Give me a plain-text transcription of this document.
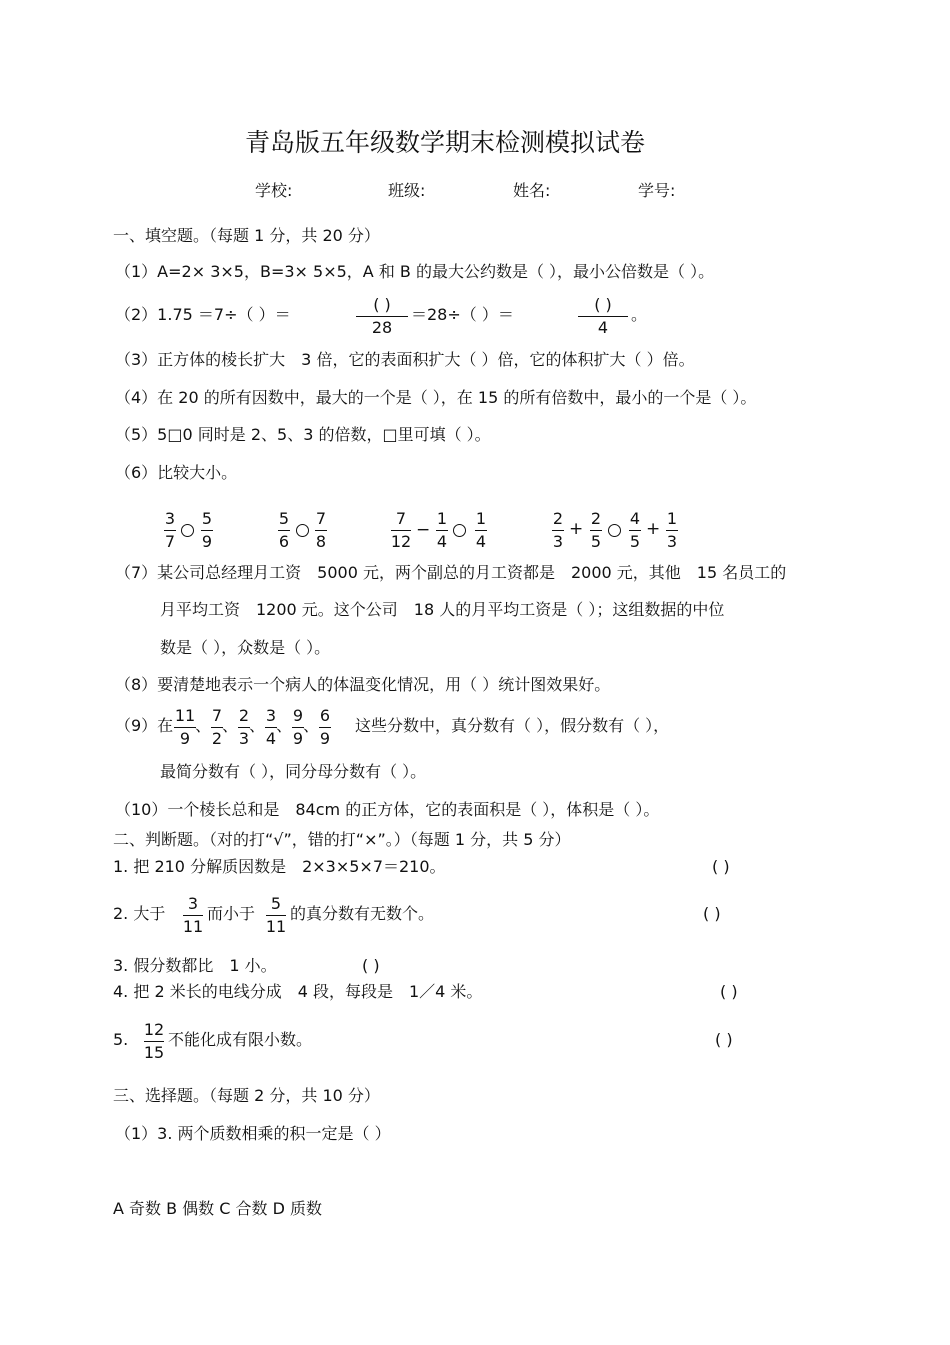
青岛版五年级数学期末检测模拟试卷
学校:	班级:	姓名:	学号:
一、填空题。（每题 1 分，共 20 分）
（1）A=2× 3×5，B=3× 5×5，A 和 B 的最大公约数是（ ），最小公倍数是（ ）。
（2）1.75 ＝7÷（ ）＝
( )
28
＝28÷（ ）＝
( )
4
。
（3）正方体的棱长扩大　3 倍，它的表面积扩大（ ）倍，它的体积扩大（ ）倍。
（4）在 20 的所有因数中，最大的一个是（ ），在 15 的所有倍数中，最小的一个是（ ）。
（5）5□0 同时是 2、5、3 的倍数，□里可填（ ）。
（6）比较大小。
3
7
5
9
5
6
7
8
7
12
−
1
4
1
4
2
3
+
2
5
4
5
+
1
3
（7）某公司总经理月工资　5000 元，两个副总的月工资都是　2000 元，其他　15 名员工的
月平均工资　1200 元。这个公司　18 人的月平均工资是（ ）；这组数据的中位
数是（ ），众数是（ ）。
（8）要清楚地表示一个病人的体温变化情况，用（ ）统计图效果好。
（9）在
11
9
、
7
2
、
2
3
、
3
4
、
9
9
、
6
9
这些分数中，真分数有（ ），假分数有（ ），
最简分数有（ ），同分母分数有（ ）。
（10）一个棱长总和是　84cm 的正方体，它的表面积是（ ），体积是（ ）。
二、判断题。（对的打“√”，错的打“×”。）（每题 1 分，共 5 分）
1. 把 210 分解质因数是　2×3×5×7＝210。	( )
2. 大于
3
11
而小于
5
11
的真分数有无数个。	( )
3. 假分数都比　1 小。	( )
4. 把 2 米长的电线分成　4 段，每段是　1／4 米。	( )
5.
12
15
不能化成有限小数。	( )
三、选择题。（每题 2 分，共 10 分）
（1）3. 两个质数相乘的积一定是（ ）
A 奇数 B 偶数 C 合数 D 质数
